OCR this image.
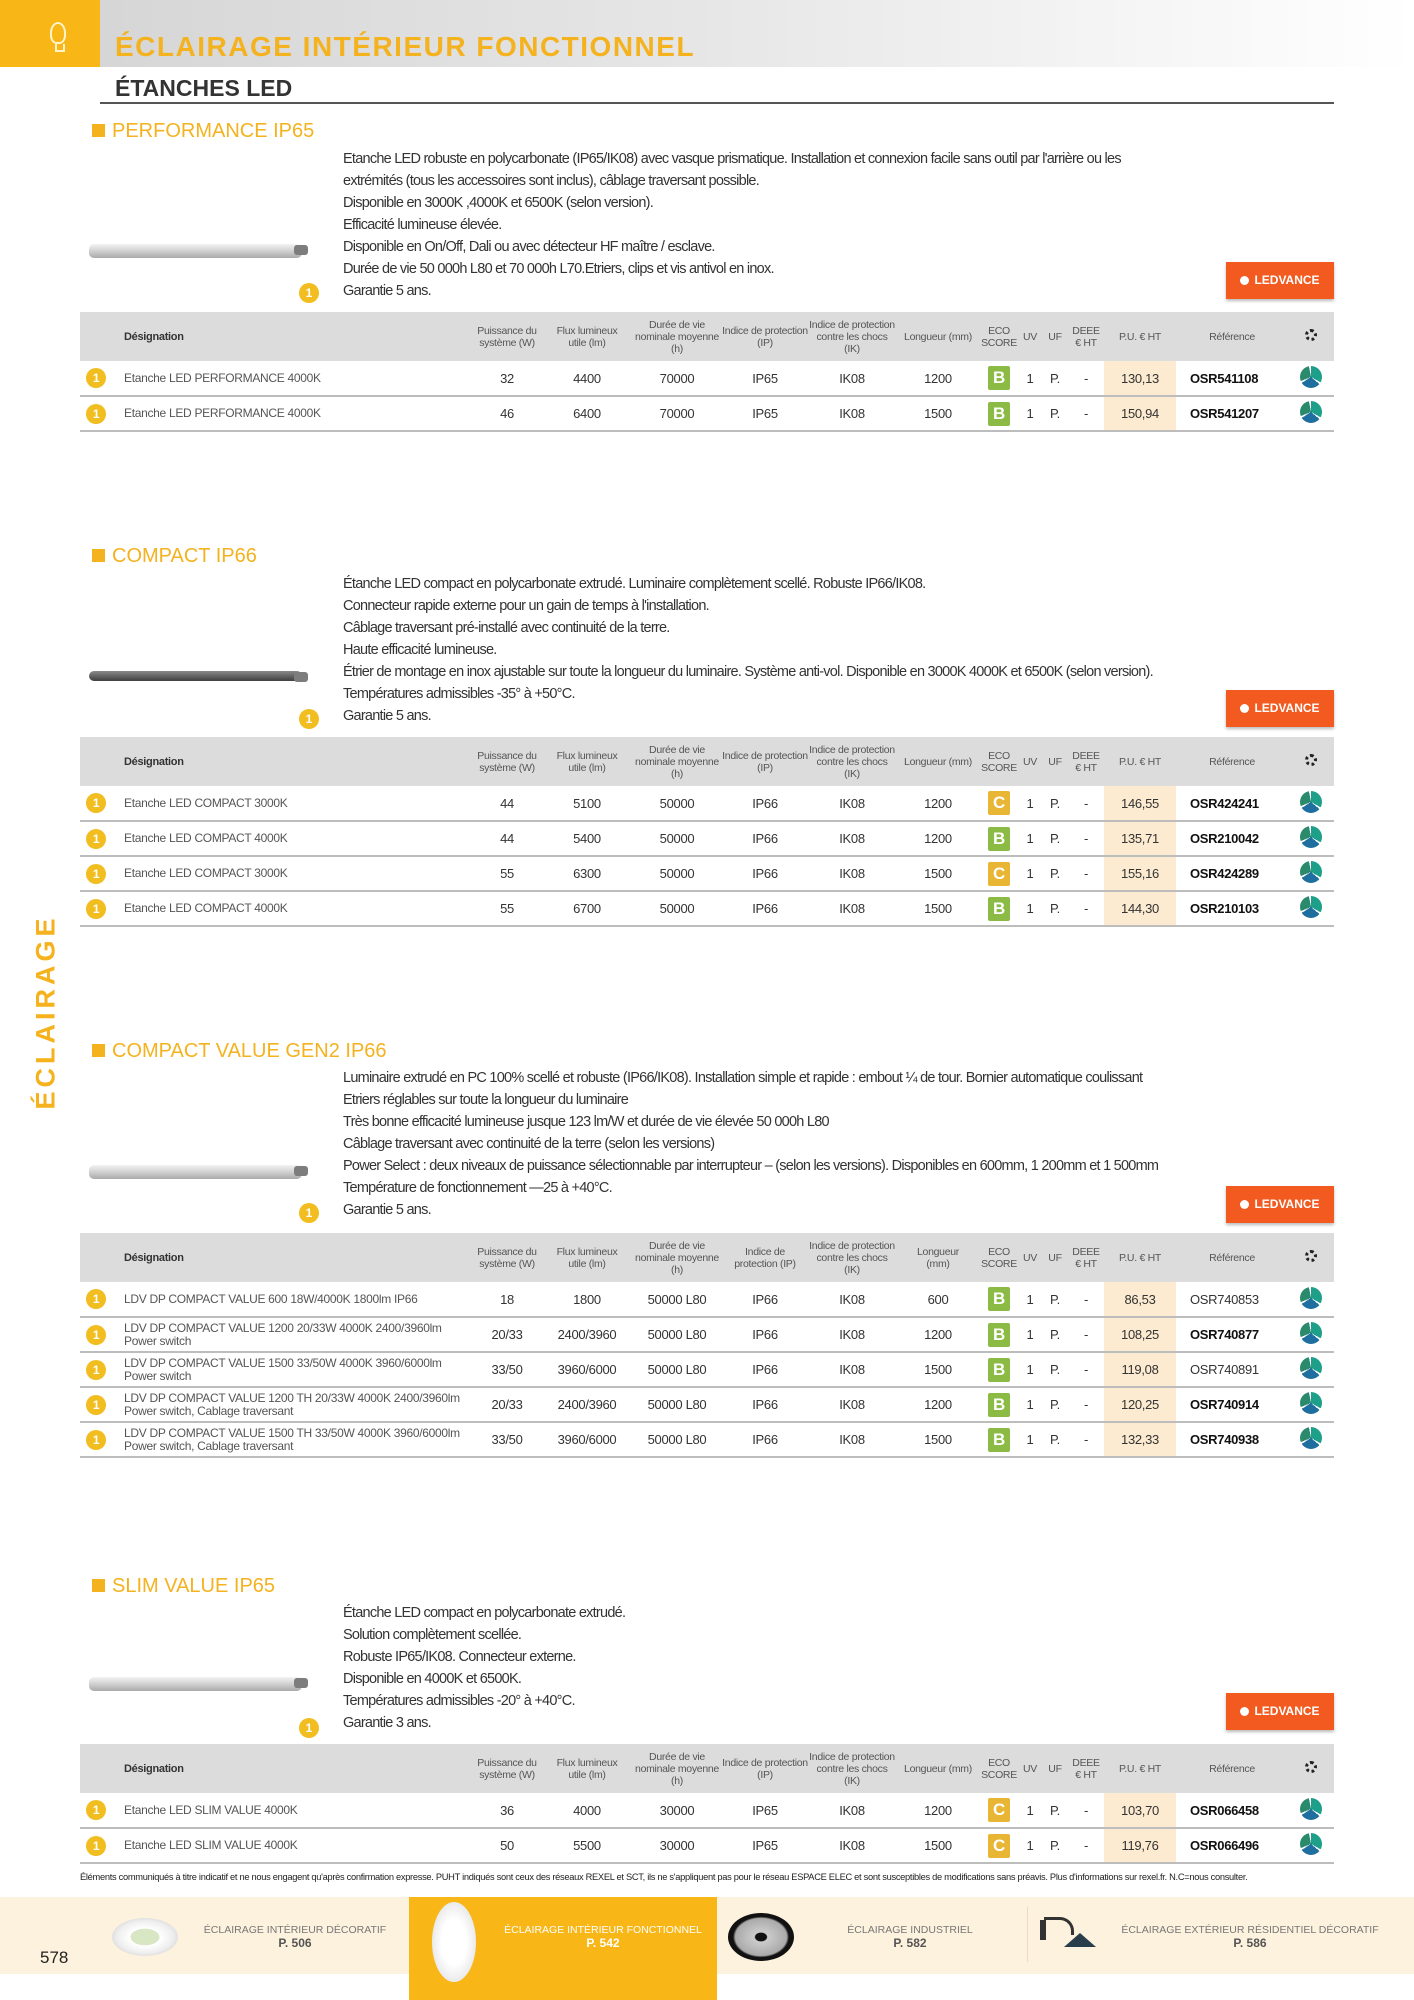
ÉCLAIRAGE INTÉRIEUR FONCTIONNEL
ÉTANCHES LED
ÉCLAIRAGE
PERFORMANCE IP65
Etanche LED robuste en polycarbonate (IP65/IK08) avec vasque prismatique. Installation et connexion facile sans outil par l'arrière ou les
extrémités (tous les accessoires sont inclus), câblage traversant possible.
Disponible en 3000K ,4000K et 6500K (selon version).
Efficacité lumineuse élevée.
Disponible en On/Off, Dali ou avec détecteur HF maître / esclave.
Durée de vie 50 000h L80 et 70 000h L70.Etriers, clips et vis antivol en inox.
Garantie 5 ans.
1
LEDVANCE
	Désignation	Puissance du
système (W)	Flux lumineux
utile (lm)	Durée de vie
nominale moyenne
(h)	Indice de protection
(IP)	Indice de protection
contre les chocs (IK)	Longueur (mm)	ECO
SCORE	UV	UF	DEEE
€ HT	P.U. € HT	Référence	
1	Etanche LED PERFORMANCE 4000K	32	4400	70000	IP65	IK08	1200	B	1	P.	-	130,13	OSR541108	
1	Etanche LED PERFORMANCE 4000K	46	6400	70000	IP65	IK08	1500	B	1	P.	-	150,94	OSR541207	
COMPACT IP66
Étanche LED compact en polycarbonate extrudé. Luminaire complètement scellé. Robuste IP66/IK08.
Connecteur rapide externe pour un gain de temps à l'installation.
Câblage traversant pré-installé avec continuité de la terre.
Haute efficacité lumineuse.
Étrier de montage en inox ajustable sur toute la longueur du luminaire. Système anti-vol. Disponible en 3000K 4000K et 6500K (selon version).
Températures admissibles -35° à +50°C.
Garantie 5 ans.
1
LEDVANCE
	Désignation	Puissance du
système (W)	Flux lumineux
utile (lm)	Durée de vie
nominale moyenne
(h)	Indice de protection
(IP)	Indice de protection
contre les chocs (IK)	Longueur (mm)	ECO
SCORE	UV	UF	DEEE
€ HT	P.U. € HT	Référence	
1	Etanche LED COMPACT 3000K	44	5100	50000	IP66	IK08	1200	C	1	P.	-	146,55	OSR424241	
1	Etanche LED COMPACT 4000K	44	5400	50000	IP66	IK08	1200	B	1	P.	-	135,71	OSR210042	
1	Etanche LED COMPACT 3000K	55	6300	50000	IP66	IK08	1500	C	1	P.	-	155,16	OSR424289	
1	Etanche LED COMPACT 4000K	55	6700	50000	IP66	IK08	1500	B	1	P.	-	144,30	OSR210103	
COMPACT VALUE GEN2 IP66
Luminaire extrudé en PC 100% scellé et robuste (IP66/IK08). Installation simple et rapide : embout ¼ de tour. Bornier automatique coulissant
Etriers réglables sur toute la longueur du luminaire
Très bonne efficacité lumineuse jusque 123 lm/W et durée de vie élevée 50 000h L80
Câblage traversant avec continuité de la terre (selon les versions)
Power Select : deux niveaux de puissance sélectionnable par interrupteur – (selon les versions). Disponibles en 600mm, 1 200mm et 1 500mm
Température de fonctionnement —25 à +40°C.
Garantie 5 ans.
1
LEDVANCE
	Désignation	Puissance du
système (W)	Flux lumineux
utile (lm)	Durée de vie
nominale moyenne
(h)	Indice de
protection (IP)	Indice de protection
contre les chocs (IK)	Longueur
(mm)	ECO
SCORE	UV	UF	DEEE
€ HT	P.U. € HT	Référence	
1	LDV DP COMPACT VALUE 600 18W/4000K 1800lm IP66	18	1800	50000 L80	IP66	IK08	600	B	1	P.	-	86,53	OSR740853	
1	LDV DP COMPACT VALUE 1200 20/33W 4000K 2400/3960lm Power switch	20/33	2400/3960	50000 L80	IP66	IK08	1200	B	1	P.	-	108,25	OSR740877	
1	LDV DP COMPACT VALUE 1500 33/50W 4000K 3960/6000lm Power switch	33/50	3960/6000	50000 L80	IP66	IK08	1500	B	1	P.	-	119,08	OSR740891	
1	LDV DP COMPACT VALUE 1200 TH 20/33W 4000K 2400/3960lm Power switch, Cablage traversant	20/33	2400/3960	50000 L80	IP66	IK08	1200	B	1	P.	-	120,25	OSR740914	
1	LDV DP COMPACT VALUE 1500 TH 33/50W 4000K 3960/6000lm Power switch, Cablage traversant	33/50	3960/6000	50000 L80	IP66	IK08	1500	B	1	P.	-	132,33	OSR740938	
SLIM VALUE IP65
Étanche LED compact en polycarbonate extrudé.
Solution complètement scellée.
Robuste IP65/IK08. Connecteur externe.
Disponible en 4000K et 6500K.
Températures admissibles -20° à +40°C.
Garantie 3 ans.
1
LEDVANCE
	Désignation	Puissance du
système (W)	Flux lumineux
utile (lm)	Durée de vie
nominale moyenne
(h)	Indice de protection
(IP)	Indice de protection
contre les chocs (IK)	Longueur (mm)	ECO
SCORE	UV	UF	DEEE
€ HT	P.U. € HT	Référence	
1	Etanche LED SLIM VALUE 4000K	36	4000	30000	IP65	IK08	1200	C	1	P.	-	103,70	OSR066458	
1	Etanche LED SLIM VALUE 4000K	50	5500	30000	IP65	IK08	1500	C	1	P.	-	119,76	OSR066496	
Éléments communiqués à titre indicatif et ne nous engagent qu'après confirmation expresse. PUHT indiqués sont ceux des réseaux REXEL et SCT, ils ne s'appliquent pas pour le réseau ESPACE ELEC et sont susceptibles de modifications sans préavis. Plus d'informations sur rexel.fr. N.C=nous consulter.
ÉCLAIRAGE INTÉRIEUR DÉCORATIF
P. 506
ÉCLAIRAGE INTÉRIEUR FONCTIONNEL
P. 542
ÉCLAIRAGE INDUSTRIEL
P. 582
ÉCLAIRAGE EXTÉRIEUR RÉSIDENTIEL DÉCORATIF
P. 586
578
